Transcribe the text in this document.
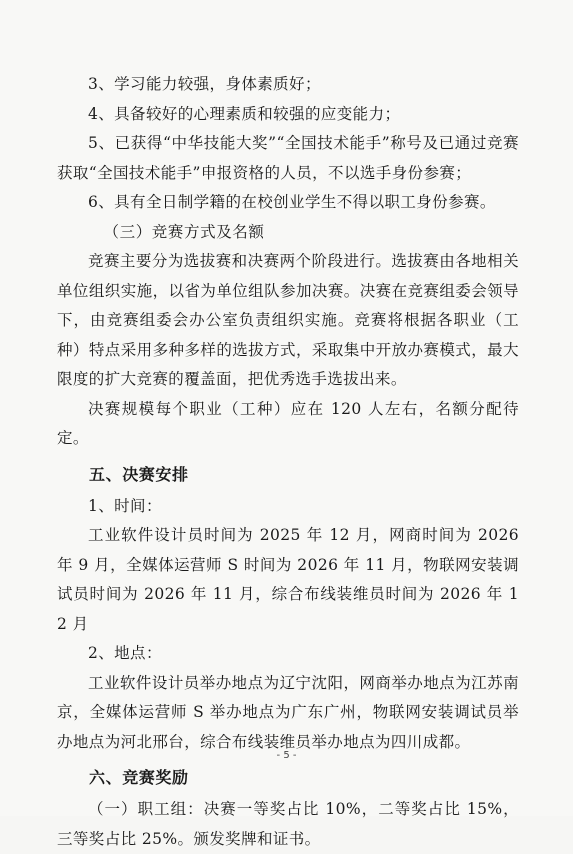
3、学习能力较强，身体素质好；

4、具备较好的心理素质和较强的应变能力；

5、已获得“中华技能大奖”“全国技术能手”称号及已通过竞赛获取“全国技术能手”申报资格的人员，不以选手身份参赛；

6、具有全日制学籍的在校创业学生不得以职工身份参赛。

（三）竞赛方式及名额

竞赛主要分为选拔赛和决赛两个阶段进行。选拔赛由各地相关单位组织实施，以省为单位组队参加决赛。决赛在竞赛组委会领导下，由竞赛组委会办公室负责组织实施。竞赛将根据各职业（工种）特点采用多种多样的选拔方式，采取集中开放办赛模式，最大限度的扩大竞赛的覆盖面，把优秀选手选拔出来。

决赛规模每个职业（工种）应在 120 人左右，名额分配待定。

五、决赛安排

1、时间：

工业软件设计员时间为 2025 年 12 月，网商时间为 2026 年 9 月，全媒体运营师 S 时间为 2026 年 11 月，物联网安装调试员时间为 2026 年 11 月，综合布线装维员时间为 2026 年 12 月

2、地点：

工业软件设计员举办地点为辽宁沈阳，网商举办地点为江苏南京，全媒体运营师 S 举办地点为广东广州，物联网安装调试员举办地点为河北邢台，综合布线装维员举办地点为四川成都。

六、竞赛奖励

（一）职工组：决赛一等奖占比 10%，二等奖占比 15%，三等奖占比 25%。颁发奖牌和证书。

- 5 -
